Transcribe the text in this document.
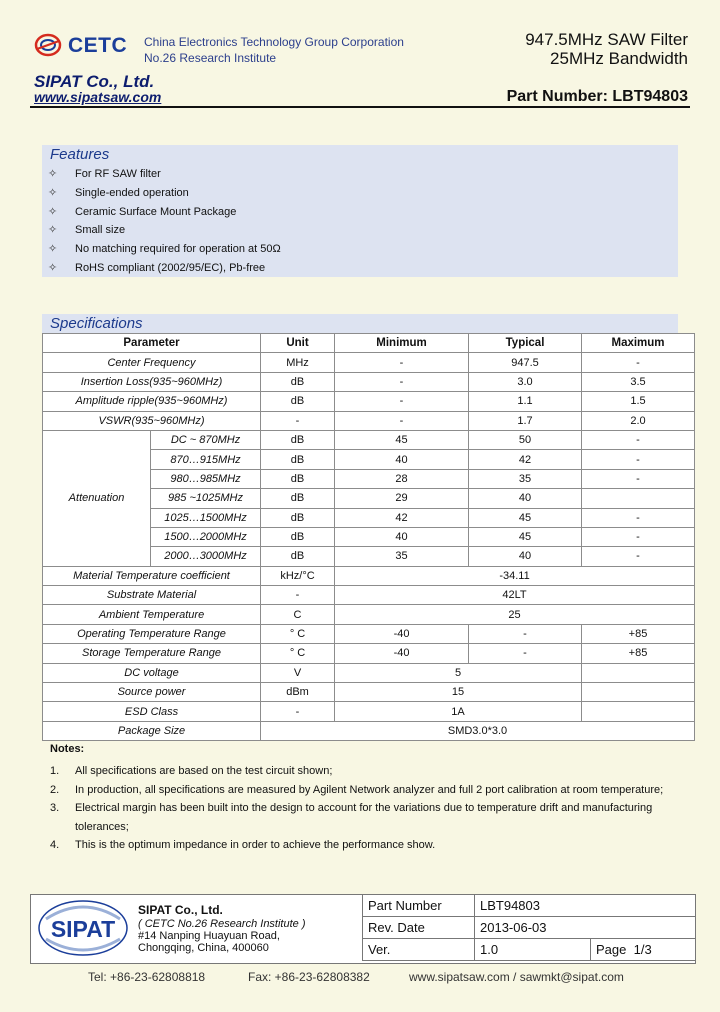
CETC China Electronics Technology Group Corporation
No.26 Research Institute
SIPAT Co., Ltd.
www.sipatsaw.com
947.5MHz SAW Filter
25MHz Bandwidth
Part Number: LBT94803
Features
✧	For RF SAW filter
✧	Single-ended operation
✧	Ceramic Surface Mount Package
✧	Small size
✧	No matching required for operation at 50Ω
✧	RoHS compliant (2002/95/EC), Pb-free
Specifications
Parameter		Unit	Minimum	Typical	Maximum
Center Frequency		MHz	-	947.5	-
Insertion Loss(935~960MHz)		dB	-	3.0	3.5
Amplitude ripple(935~960MHz)		dB	-	1.1	1.5
VSWR(935~960MHz)		-	-	1.7	2.0
Attenuation	DC ~ 870MHz	dB	45	50	-
	870…915MHz	dB	40	42	-
	980…985MHz	dB	28	35	-
	985 ~1025MHz	dB	29	40	
	1025…1500MHz	dB	42	45	-
	1500…2000MHz	dB	40	45	-
	2000…3000MHz	dB	35	40	-
Material Temperature coefficient		kHz/°C	-34.11		
Substrate Material		-	42LT		
Ambient Temperature		C	25		
Operating Temperature Range		° C	-40	-	+85
Storage Temperature Range		° C	-40	-	+85
DC voltage		V	5		
Source power		dBm	15		
ESD Class		-	1A		
Package Size		SMD3.0*3.0			
Notes:
1.	All specifications are based on the test circuit shown;
2.	In production, all specifications are measured by Agilent Network analyzer and full 2 port calibration at room temperature;
3.	Electrical margin has been built into the design to account for the variations due to temperature drift and manufacturing tolerances;
4.	This is the optimum impedance in order to achieve the performance show.
SIPAT
SIPAT Co., Ltd.
( CETC No.26 Research Institute )
#14 Nanping Huayuan Road,
Chongqing, China, 400060
Part Number	LBT94803	
Rev. Date	2013-06-03	
Ver.	1.0	Page 1/3
Tel: +86-23-62808818	Fax: +86-23-62808382	www.sipatsaw.com / sawmkt@sipat.com
